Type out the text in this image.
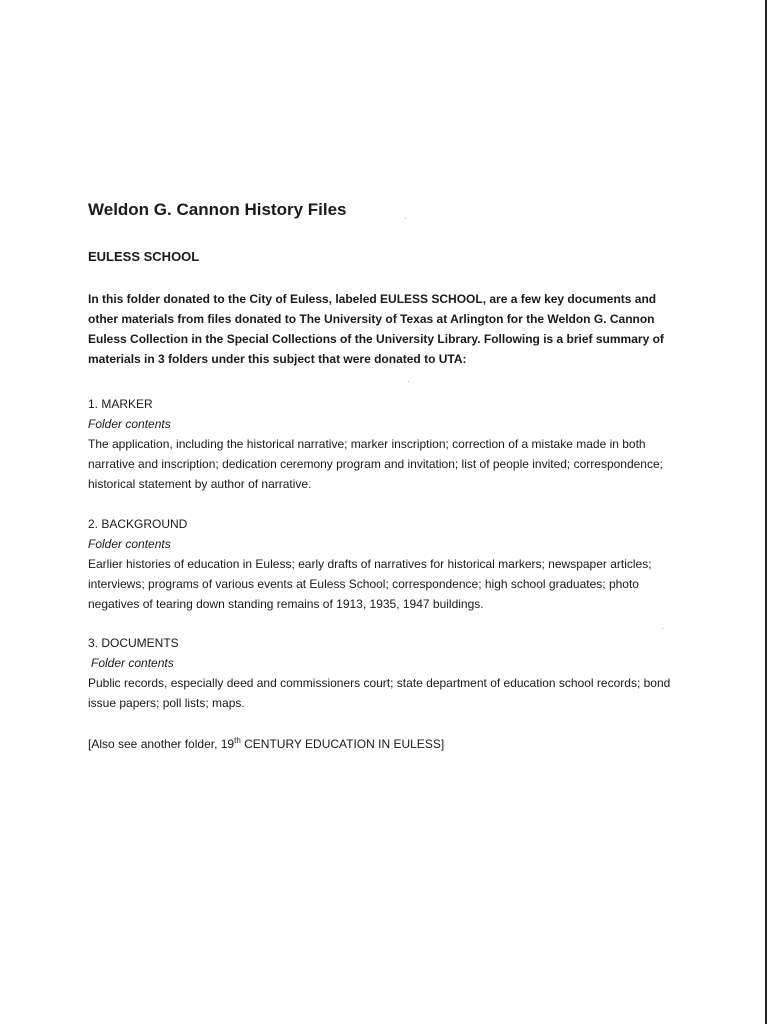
Weldon G. Cannon History Files
EULESS SCHOOL
In this folder donated to the City of Euless, labeled EULESS SCHOOL, are a few key documents and other materials from files donated to The University of Texas at Arlington for the Weldon G. Cannon Euless Collection in the Special Collections of the University Library. Following is a brief summary of materials in 3 folders under this subject that were donated to UTA:
1. MARKER
Folder contents
The application, including the historical narrative; marker inscription; correction of a mistake made in both narrative and inscription; dedication ceremony program and invitation; list of people invited; correspondence; historical statement by author of narrative.
2. BACKGROUND
Folder contents
Earlier histories of education in Euless; early drafts of narratives for historical markers; newspaper articles; interviews; programs of various events at Euless School; correspondence; high school graduates; photo negatives of tearing down standing remains of 1913, 1935, 1947 buildings.
3. DOCUMENTS
Folder contents
Public records, especially deed and commissioners court; state department of education school records; bond issue papers; poll lists; maps.
[Also see another folder, 19th CENTURY EDUCATION IN EULESS]
